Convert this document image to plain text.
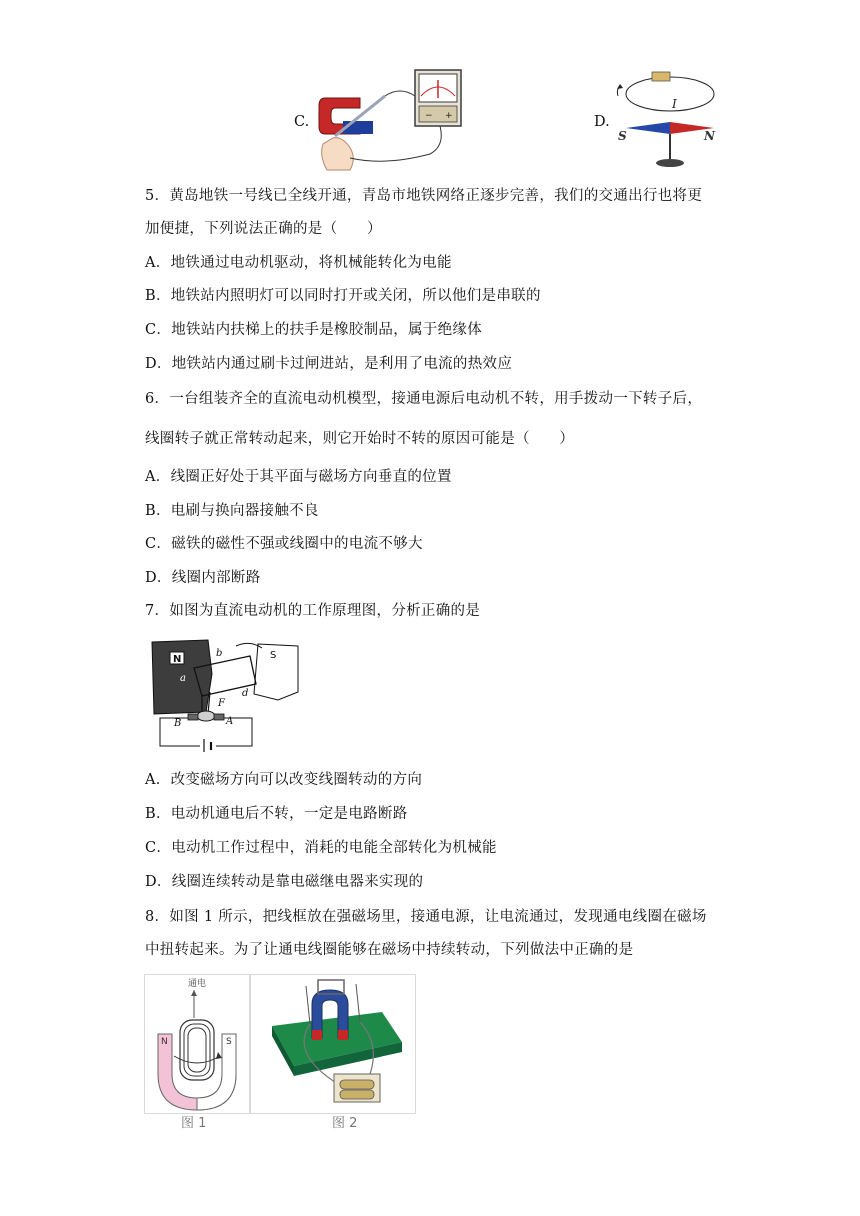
C.	− +	D.
I
S	N
5．黄岛地铁一号线已全线开通，青岛市地铁网络正逐步完善，我们的交通出行也将更
加便捷，下列说法正确的是（　　）
A．地铁通过电动机驱动，将机械能转化为电能
B．地铁站内照明灯可以同时打开或关闭，所以他们是串联的
C．地铁站内扶梯上的扶手是橡胶制品，属于绝缘体
D．地铁站内通过刷卡过闸进站，是利用了电流的热效应
6．一台组装齐全的直流电动机模型，接通电源后电动机不转，用手拨动一下转子后，
线圈转子就正常转动起来，则它开始时不转的原因可能是（　　）
A．线圈正好处于其平面与磁场方向垂直的位置
B．电刷与换向器接触不良
C．磁铁的磁性不强或线圈中的电流不够大
D．线圈内部断路
7．如图为直流电动机的工作原理图，分析正确的是
N
a
S
b
d
F
B	A
A．改变磁场方向可以改变线圈转动的方向
B．电动机通电后不转，一定是电路断路
C．电动机工作过程中，消耗的电能全部转化为机械能
D．线圈连续转动是靠电磁继电器来实现的
8．如图 1 所示，把线框放在强磁场里，接通电源，让电流通过，发现通电线圈在磁场
中扭转起来。为了让通电线圈能够在磁场中持续转动，下列做法中正确的是
通电
N	S
图 1	图 2
